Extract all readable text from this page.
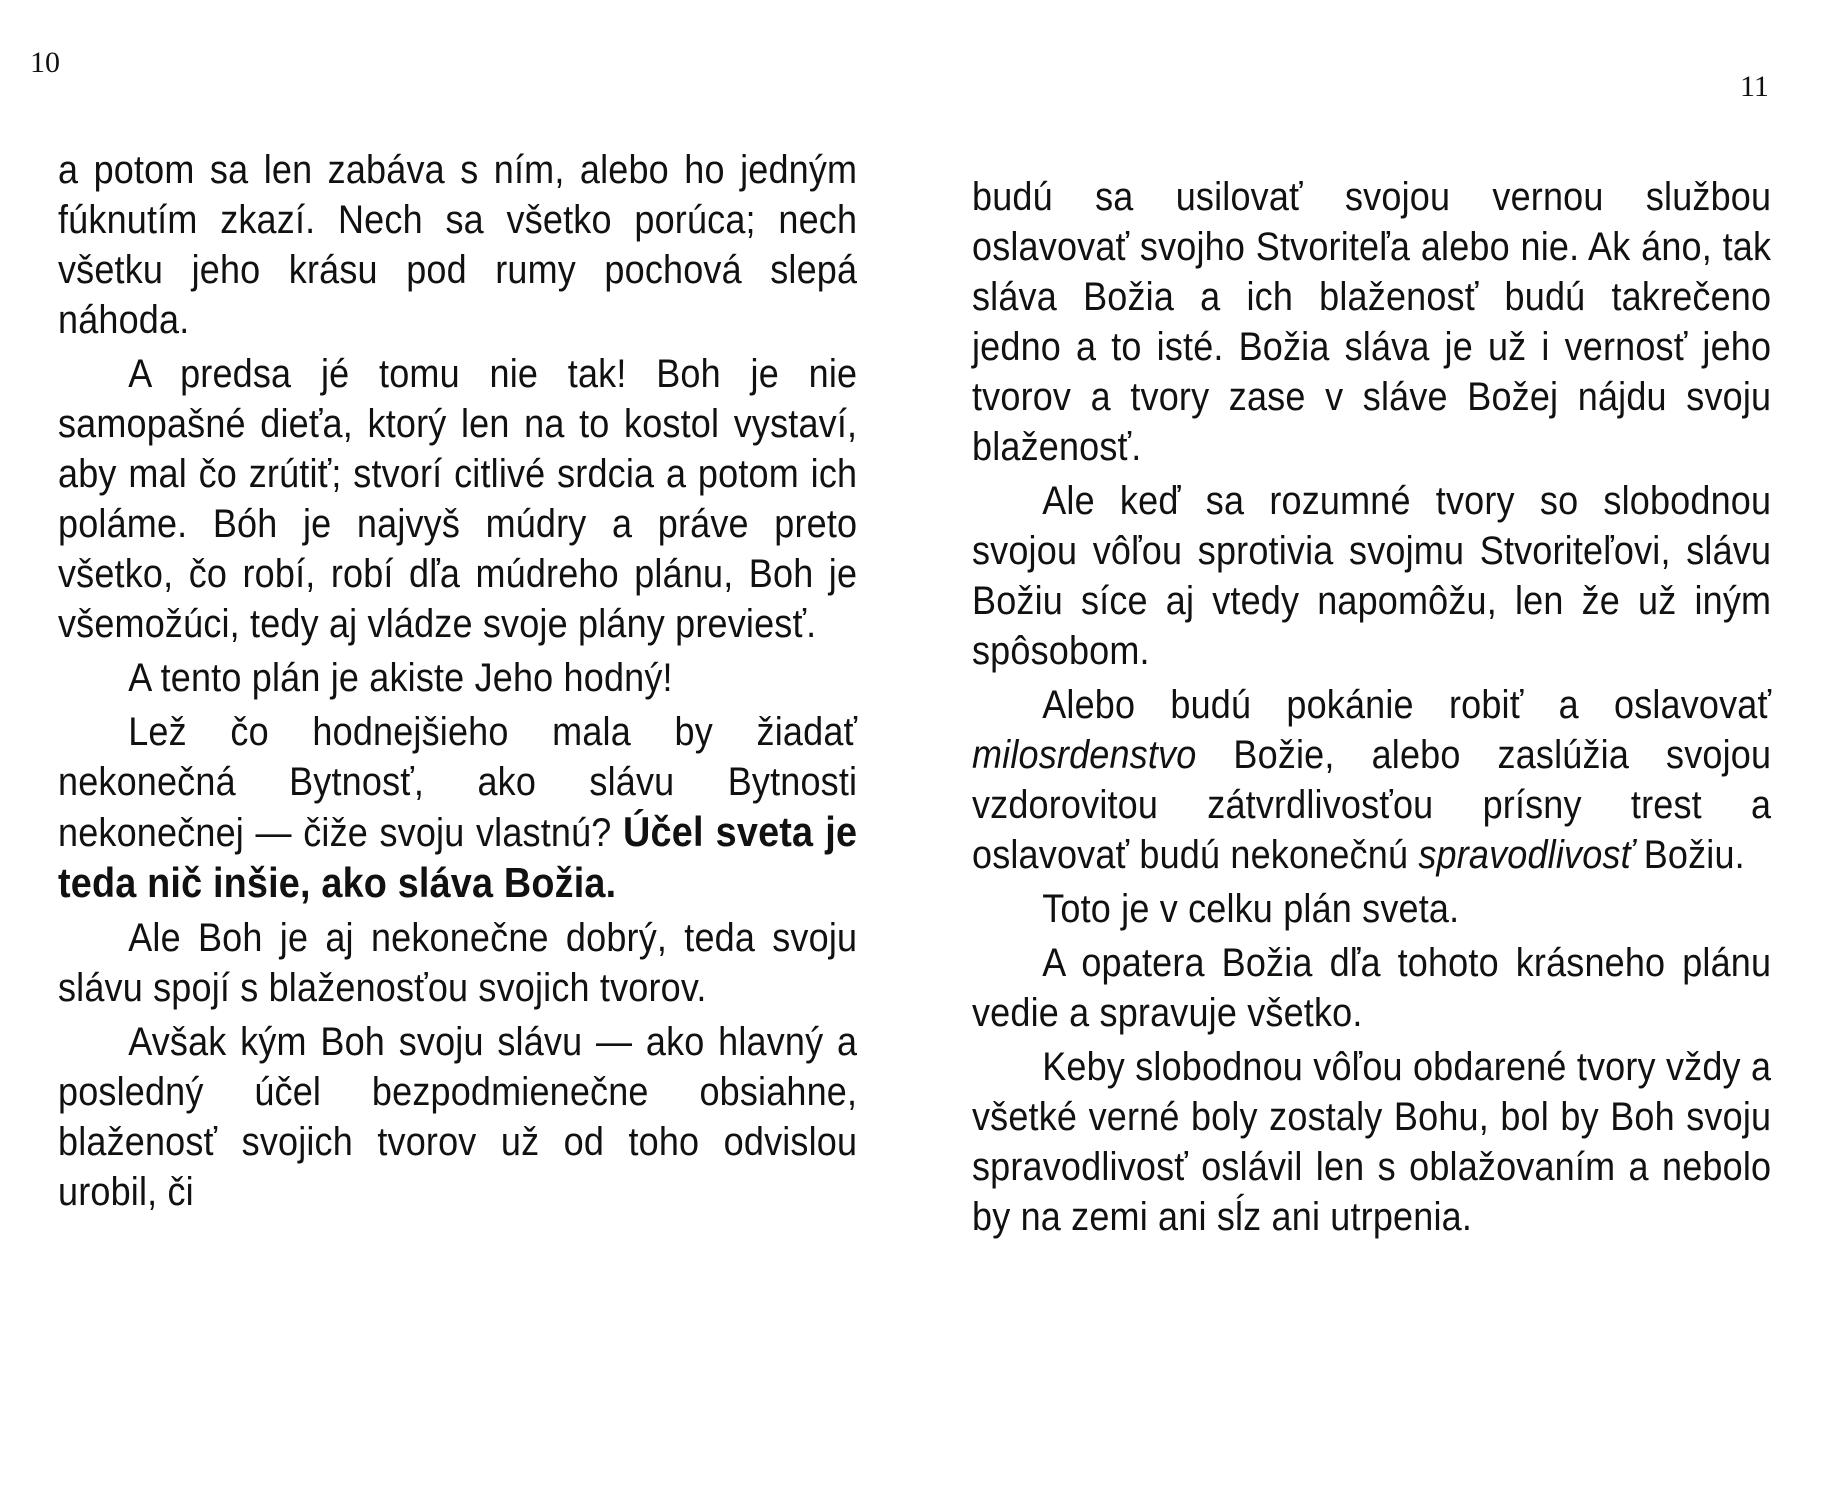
10
11

a potom sa len zabáva s ním, alebo ho jedným fúknutím zkazí. Nech sa všetko porúca; nech všetku jeho krásu pod rumy pochová slepá náhoda.

A predsa jé tomu nie tak! Boh je nie samopašné dieťa, ktorý len na to kostol vystaví, aby mal čo zrútiť; stvorí citlivé srdcia a potom ich poláme. Bóh je najvyš múdry a práve preto všetko, čo robí, robí dľa múdreho plánu, Boh je všemožúci, tedy aj vládze svoje plány previesť.

A tento plán je akiste Jeho hodný!

Lež čo hodnejšieho mala by žiadať nekonečná Bytnosť, ako slávu Bytnosti nekonečnej — čiže svoju vlastnú? Účel sveta je teda nič inšie, ako sláva Božia.

Ale Boh je aj nekonečne dobrý, teda svoju slávu spojí s blaženosťou svojich tvorov.

Avšak kým Boh svoju slávu — ako hlavný a posledný účel bezpodmienečne obsiahne, blaženosť svojich tvorov už od toho odvislou urobil, či

budú sa usilovať svojou vernou službou oslavovať svojho Stvoriteľa alebo nie. Ak áno, tak sláva Božia a ich blaženosť budú takrečeno jedno a to isté. Božia sláva je už i vernosť jeho tvorov a tvory zase v sláve Božej nájdu svoju blaženosť.

Ale keď sa rozumné tvory so slobodnou svojou vôľou sprotivia svojmu Stvoriteľovi, slávu Božiu síce aj vtedy napomôžu, len že už iným spôsobom.

Alebo budú pokánie robiť a oslavovať milosrdenstvo Božie, alebo zaslúžia svojou vzdorovitou zátvrdlivosťou prísny trest a oslavovať budú nekonečnú spravodlivosť Božiu.

Toto je v celku plán sveta.

A opatera Božia dľa tohoto krásneho plánu vedie a spravuje všetko.

Keby slobodnou vôľou obdarené tvory vždy a všetké verné boly zostaly Bohu, bol by Boh svoju spravodlivosť oslávil len s oblažovaním a nebolo by na zemi ani sĺz ani utrpenia.
